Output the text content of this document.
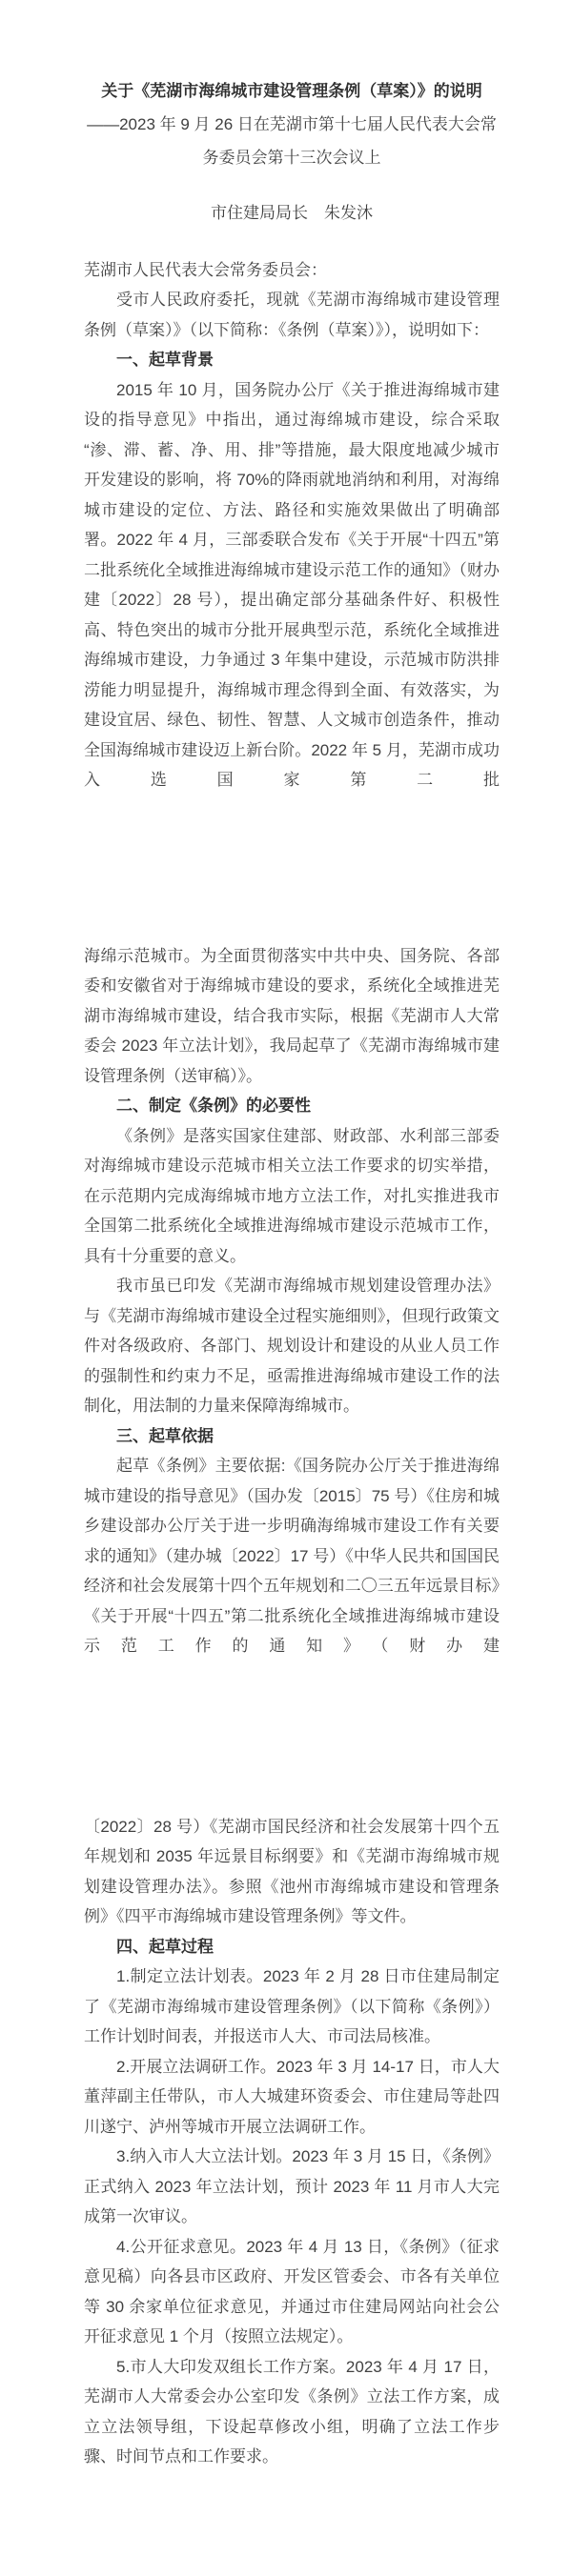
关于《芜湖市海绵城市建设管理条例（草案）》的说明
——2023 年 9 月 26 日在芜湖市第十七届人民代表大会常务委员会第十三次会议上
市住建局局长　朱发沐

芜湖市人民代表大会常务委员会：

受市人民政府委托，现就《芜湖市海绵城市建设管理条例（草案）》（以下简称：《条例（草案）》），说明如下：

一、起草背景

2015 年 10 月，国务院办公厅《关于推进海绵城市建设的指导意见》中指出，通过海绵城市建设，综合采取“渗、滞、蓄、净、用、排”等措施，最大限度地减少城市开发建设的影响，将 70%的降雨就地消纳和利用，对海绵城市建设的定位、方法、路径和实施效果做出了明确部署。2022 年 4 月，三部委联合发布《关于开展“十四五”第二批系统化全域推进海绵城市建设示范工作的通知》（财办建〔2022〕28 号），提出确定部分基础条件好、积极性高、特色突出的城市分批开展典型示范，系统化全域推进海绵城市建设，力争通过 3 年集中建设，示范城市防洪排涝能力明显提升，海绵城市理念得到全面、有效落实，为建设宜居、绿色、韧性、智慧、人文城市创造条件，推动全国海绵城市建设迈上新台阶。2022 年 5 月，芜湖市成功入选国家第二批

海绵示范城市。为全面贯彻落实中共中央、国务院、各部委和安徽省对于海绵城市建设的要求，系统化全域推进芜湖市海绵城市建设，结合我市实际，根据《芜湖市人大常委会 2023 年立法计划》，我局起草了《芜湖市海绵城市建设管理条例（送审稿）》。

二、制定《条例》的必要性

《条例》是落实国家住建部、财政部、水利部三部委对海绵城市建设示范城市相关立法工作要求的切实举措，在示范期内完成海绵城市地方立法工作，对扎实推进我市全国第二批系统化全域推进海绵城市建设示范城市工作，具有十分重要的意义。

我市虽已印发《芜湖市海绵城市规划建设管理办法》与《芜湖市海绵城市建设全过程实施细则》，但现行政策文件对各级政府、各部门、规划设计和建设的从业人员工作的强制性和约束力不足，亟需推进海绵城市建设工作的法制化，用法制的力量来保障海绵城市。

三、起草依据

起草《条例》主要依据:《国务院办公厅关于推进海绵城市建设的指导意见》（国办发〔2015〕75 号）《住房和城乡建设部办公厅关于进一步明确海绵城市建设工作有关要求的通知》（建办城〔2022〕17 号）《中华人民共和国国民经济和社会发展第十四个五年规划和二〇三五年远景目标》《关于开展“十四五”第二批系统化全域推进海绵城市建设示范工作的通知》（财办建

〔2022〕28 号）《芜湖市国民经济和社会发展第十四个五年规划和 2035 年远景目标纲要》和《芜湖市海绵城市规划建设管理办法》。参照《池州市海绵城市建设和管理条例》《四平市海绵城市建设管理条例》等文件。

四、起草过程

1.制定立法计划表。2023 年 2 月 28 日市住建局制定了《芜湖市海绵城市建设管理条例》（以下简称《条例》）工作计划时间表，并报送市人大、市司法局核准。

2.开展立法调研工作。2023 年 3 月 14-17 日，市人大董萍副主任带队，市人大城建环资委会、市住建局等赴四川遂宁、泸州等城市开展立法调研工作。

3.纳入市人大立法计划。2023 年 3 月 15 日，《条例》正式纳入 2023 年立法计划，预计 2023 年 11 月市人大完成第一次审议。

4.公开征求意见。2023 年 4 月 13 日，《条例》（征求意见稿）向各县市区政府、开发区管委会、市各有关单位等 30 余家单位征求意见，并通过市住建局网站向社会公开征求意见 1 个月（按照立法规定）。

5.市人大印发双组长工作方案。2023 年 4 月 17 日，芜湖市人大常委会办公室印发《条例》立法工作方案，成立立法领导组，下设起草修改小组，明确了立法工作步骤、时间节点和工作要求。
